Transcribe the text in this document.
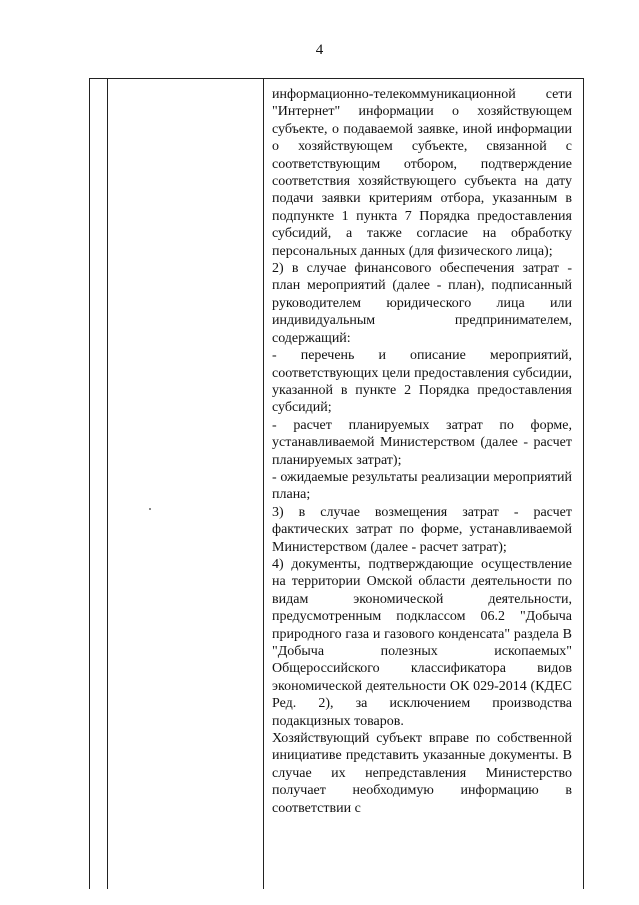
4

информационно-телекоммуникационной сети "Интернет" информации о хозяйствующем субъекте, о подаваемой заявке, иной информации о хозяйствующем субъекте, связанной с соответствующим отбором, подтверждение соответствия хозяйствующего субъекта на дату подачи заявки критериям отбора, указанным в подпункте 1 пункта 7 Порядка предоставления субсидий, а также согласие на обработку персональных данных (для физического лица);

2) в случае финансового обеспечения затрат - план мероприятий (далее - план), подписанный руководителем юридического лица или индивидуальным предпринимателем, содержащий:

- перечень и описание мероприятий, соответствующих цели предоставления субсидии, указанной в пункте 2 Порядка предоставления субсидий;

- расчет планируемых затрат по форме, устанавливаемой Министерством (далее - расчет планируемых затрат);

- ожидаемые результаты реализации мероприятий плана;

3) в случае возмещения затрат - расчет фактических затрат по форме, устанавливаемой Министерством (далее - расчет затрат);

4) документы, подтверждающие осуществление на территории Омской области деятельности по видам экономической деятельности, предусмотренным подклассом 06.2 "Добыча природного газа и газового конденсата" раздела B "Добыча полезных ископаемых" Общероссийского классификатора видов экономической деятельности ОК 029-2014 (КДЕС Ред. 2), за исключением производства подакцизных товаров.

Хозяйствующий субъект вправе по собственной инициативе представить указанные документы. В случае их непредставления Министерство получает необходимую информацию в соответствии с
